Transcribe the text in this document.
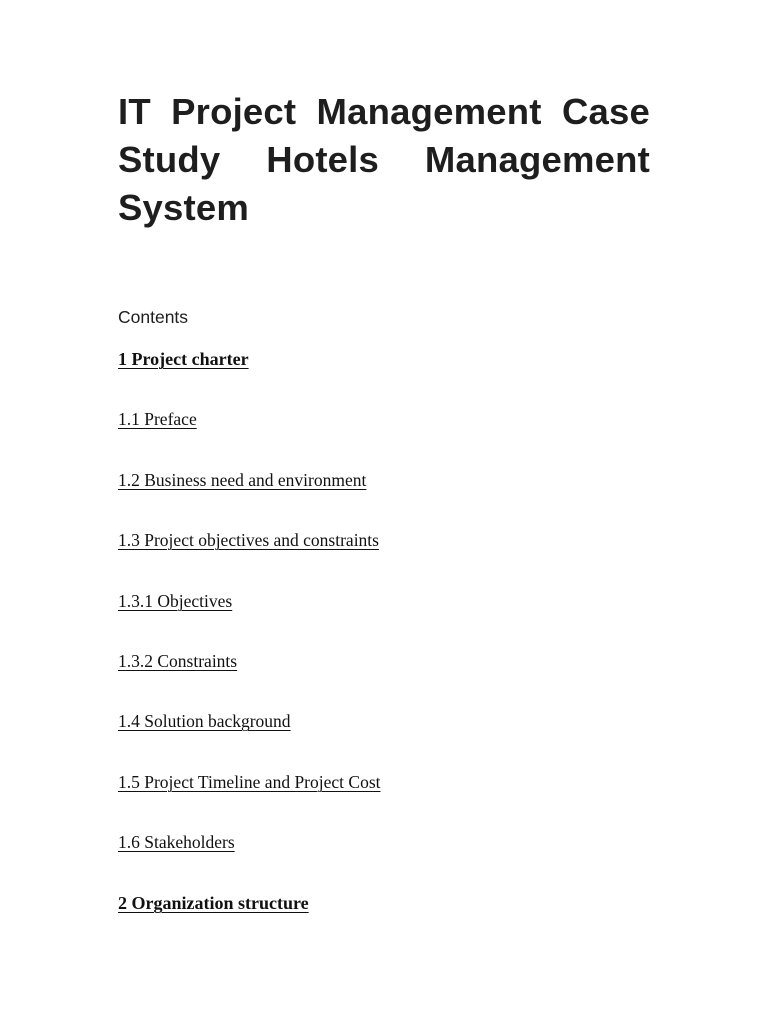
IT Project Management Case Study Hotels Management System

Contents

1 Project charter
1.1 Preface
1.2 Business need and environment
1.3 Project objectives and constraints
1.3.1 Objectives
1.3.2 Constraints
1.4 Solution background
1.5 Project Timeline and Project Cost
1.6 Stakeholders
2 Organization structure
